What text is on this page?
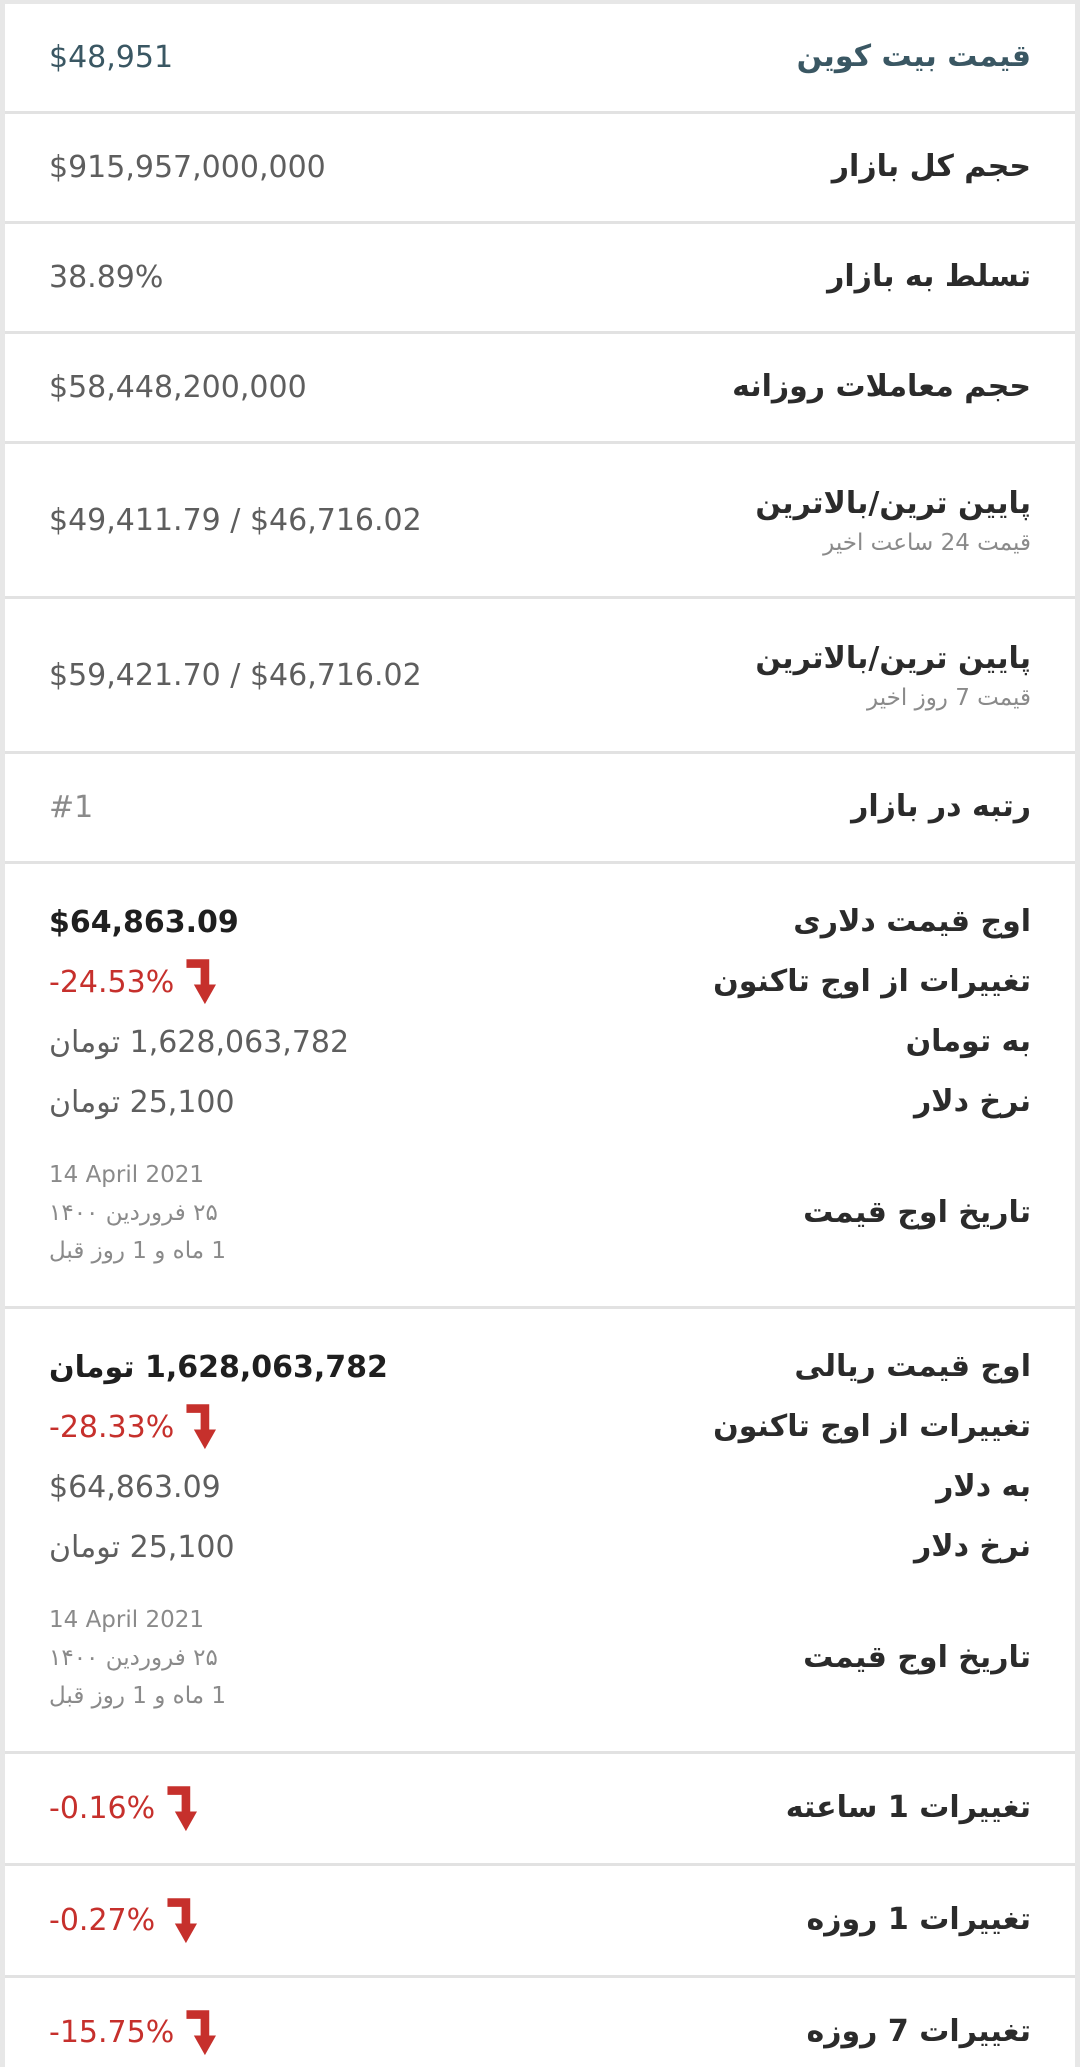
قیمت بیت کوین
$48,951
حجم کل بازار
$915,957,000,000
تسلط به بازار
38.89%
حجم معاملات روزانه
$58,448,200,000
پایین ترین/بالاترین
قیمت 24 ساعت اخیر
$49,411.79 / $46,716.02
پایین ترین/بالاترین
قیمت 7 روز اخیر
$59,421.70 / $46,716.02
رتبه در بازار
#1
اوج قیمت دلاری
$64,863.09
تغییرات از اوج تاکنون
-24.53%
به تومان
1,628,063,782 تومان
نرخ دلار
25,100 تومان
تاریخ اوج قیمت
14 April 2021
۲۵ فروردین ۱۴۰۰
1 ماه و 1 روز قبل
اوج قیمت ریالی
1,628,063,782 تومان
تغییرات از اوج تاکنون
-28.33%
به دلار
$64,863.09
نرخ دلار
25,100 تومان
تاریخ اوج قیمت
14 April 2021
۲۵ فروردین ۱۴۰۰
1 ماه و 1 روز قبل
تغییرات 1 ساعته
-0.16%
تغییرات 1 روزه
-0.27%
تغییرات 7 روزه
-15.75%
